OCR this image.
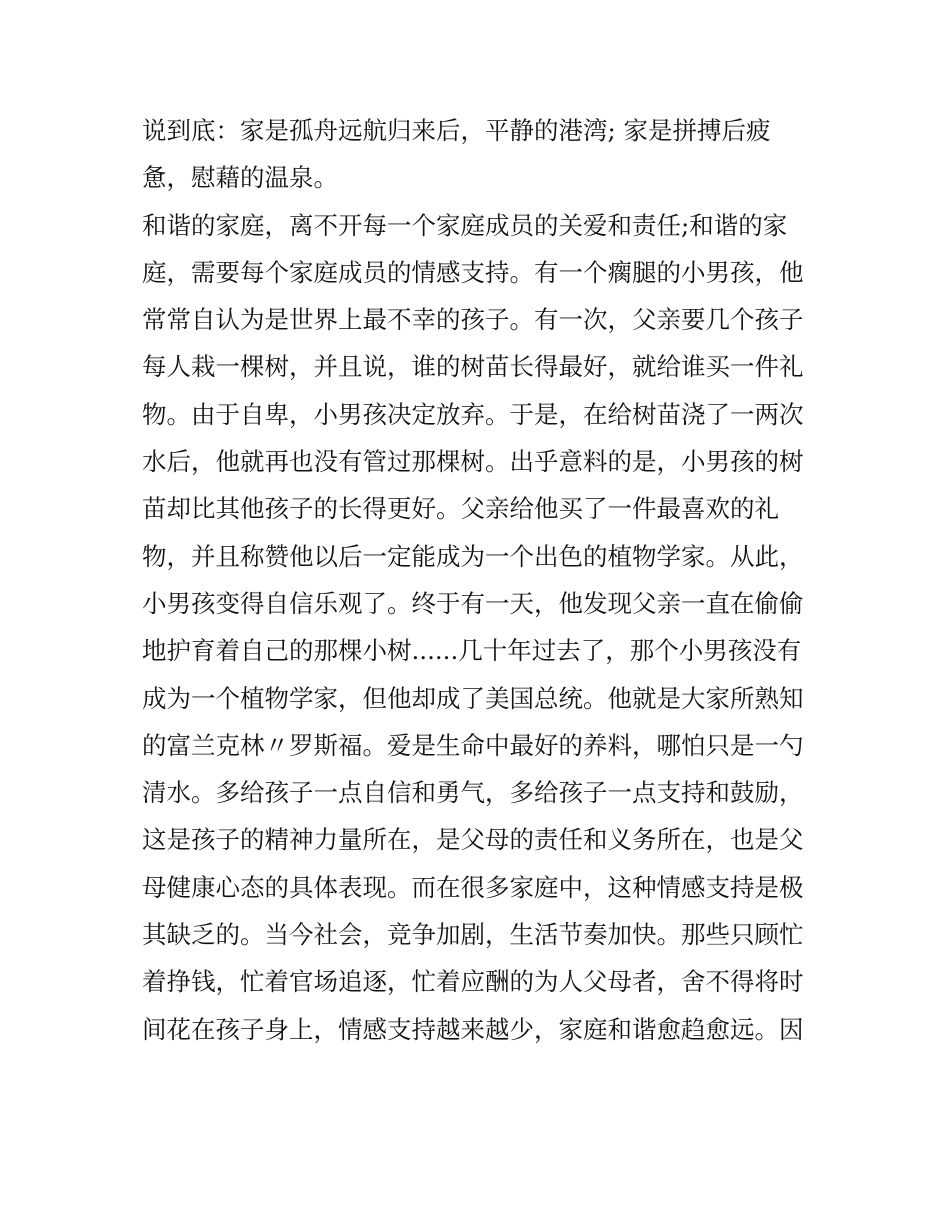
说到底：家是孤舟远航归来后，平静的港湾; 家是拼搏后疲
惫，慰藉的温泉。
和谐的家庭，离不开每一个家庭成员的关爱和责任;和谐的家
庭，需要每个家庭成员的情感支持。有一个瘸腿的小男孩，他
常常自认为是世界上最不幸的孩子。有一次，父亲要几个孩子
每人栽一棵树，并且说，谁的树苗长得最好，就给谁买一件礼
物。由于自卑，小男孩决定放弃。于是，在给树苗浇了一两次
水后，他就再也没有管过那棵树。出乎意料的是，小男孩的树
苗却比其他孩子的长得更好。父亲给他买了一件最喜欢的礼
物，并且称赞他以后一定能成为一个出色的植物学家。从此，
小男孩变得自信乐观了。终于有一天，他发现父亲一直在偷偷
地护育着自己的那棵小树......几十年过去了，那个小男孩没有
成为一个植物学家，但他却成了美国总统。他就是大家所熟知
的富兰克林〃罗斯福。爱是生命中最好的养料，哪怕只是一勺
清水。多给孩子一点自信和勇气，多给孩子一点支持和鼓励，
这是孩子的精神力量所在，是父母的责任和义务所在，也是父
母健康心态的具体表现。而在很多家庭中，这种情感支持是极
其缺乏的。当今社会，竞争加剧，生活节奏加快。那些只顾忙
着挣钱，忙着官场追逐，忙着应酬的为人父母者，舍不得将时
间花在孩子身上，情感支持越来越少，家庭和谐愈趋愈远。因
